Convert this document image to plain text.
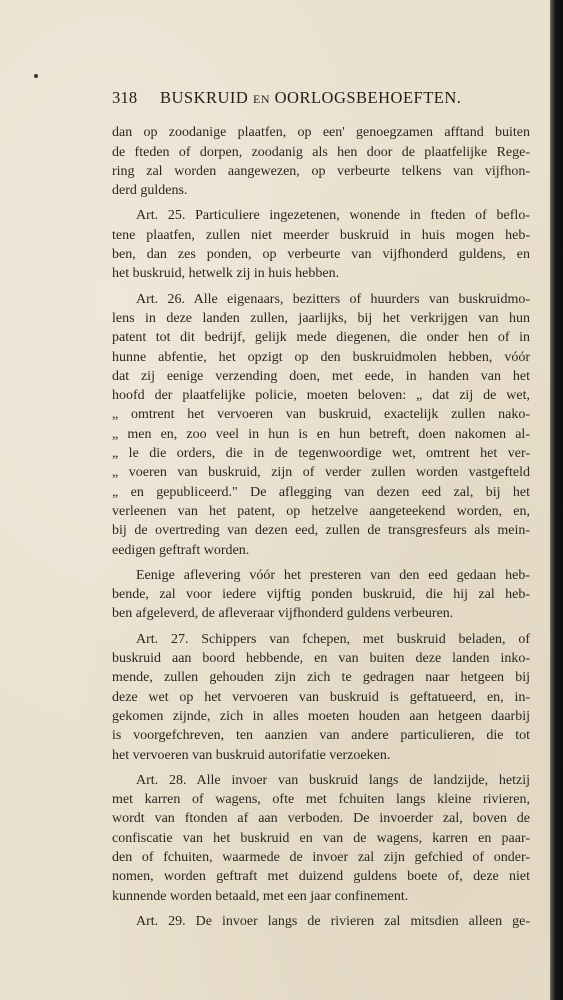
318	BUSKRUID EN OORLOGSBEHOEFTEN.
dan op zoodanige plaatfen, op een' genoegzamen afftand buiten
de fteden of dorpen, zoodanig als hen door de plaatfelijke Rege-
ring zal worden aangewezen, op verbeurte telkens van vijfhon-
derd guldens.
Art. 25. Particuliere ingezetenen, wonende in fteden of beflo-
tene plaatfen, zullen niet meerder buskruid in huis mogen heb-
ben, dan zes ponden, op verbeurte van vijfhonderd guldens, en
het buskruid, hetwelk zij in huis hebben.
Art. 26. Alle eigenaars, bezitters of huurders van buskruidmo-
lens in deze landen zullen, jaarlijks, bij het verkrijgen van hun
patent tot dit bedrijf, gelijk mede diegenen, die onder hen of in
hunne abfentie, het opzigt op den buskruidmolen hebben, vóór
dat zij eenige verzending doen, met eede, in handen van het
hoofd der plaatfelijke policie, moeten beloven: „ dat zij de wet,
„ omtrent het vervoeren van buskruid, exactelijk zullen nako-
„ men en, zoo veel in hun is en hun betreft, doen nakomen al-
„ le die orders, die in de tegenwoordige wet, omtrent het ver-
„ voeren van buskruid, zijn of verder zullen worden vastgefteld
„ en gepubliceerd." De aflegging van dezen eed zal, bij het
verleenen van het patent, op hetzelve aangeteekend worden, en,
bij de overtreding van dezen eed, zullen de transgresfeurs als mein-
eedigen geftraft worden.
Eenige aflevering vóór het presteren van den eed gedaan heb-
bende, zal voor iedere vijftig ponden buskruid, die hij zal heb-
ben afgeleverd, de afleveraar vijfhonderd guldens verbeuren.
Art. 27. Schippers van fchepen, met buskruid beladen, of
buskruid aan boord hebbende, en van buiten deze landen inko-
mende, zullen gehouden zijn zich te gedragen naar hetgeen bij
deze wet op het vervoeren van buskruid is geftatueerd, en, in-
gekomen zijnde, zich in alles moeten houden aan hetgeen daarbij
is voorgefchreven, ten aanzien van andere particulieren, die tot
het vervoeren van buskruid autorifatie verzoeken.
Art. 28. Alle invoer van buskruid langs de landzijde, hetzij
met karren of wagens, ofte met fchuiten langs kleine rivieren,
wordt van ftonden af aan verboden. De invoerder zal, boven de
confiscatie van het buskruid en van de wagens, karren en paar-
den of fchuiten, waarmede de invoer zal zijn gefchied of onder-
nomen, worden geftraft met duizend guldens boete of, deze niet
kunnende worden betaald, met een jaar confinement.
Art. 29. De invoer langs de rivieren zal mitsdien alleen ge-
